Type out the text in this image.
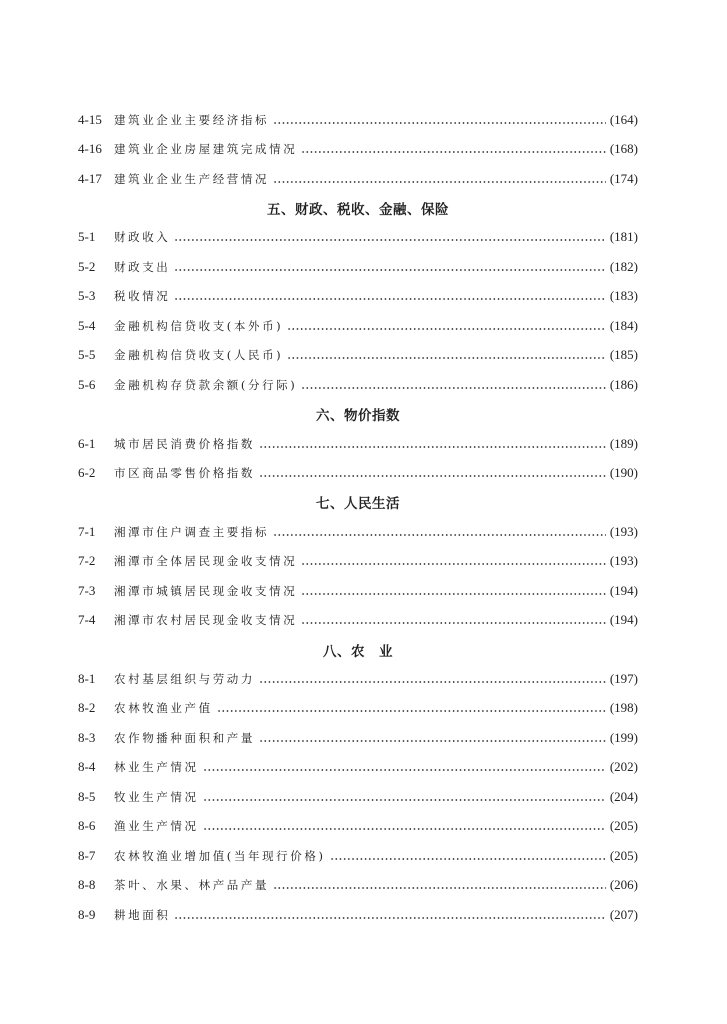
4-15	建筑业企业主要经济指标	(164)
4-16	建筑业企业房屋建筑完成情况	(168)
4-17	建筑业企业生产经营情况	(174)
五、财政、税收、金融、保险
5-1	财政收入	(181)
5-2	财政支出	(182)
5-3	税收情况	(183)
5-4	金融机构信贷收支(本外币)	(184)
5-5	金融机构信贷收支(人民币)	(185)
5-6	金融机构存贷款余额(分行际)	(186)
六、物价指数
6-1	城市居民消费价格指数	(189)
6-2	市区商品零售价格指数	(190)
七、人民生活
7-1	湘潭市住户调查主要指标	(193)
7-2	湘潭市全体居民现金收支情况	(193)
7-3	湘潭市城镇居民现金收支情况	(194)
7-4	湘潭市农村居民现金收支情况	(194)
八、农　业
8-1	农村基层组织与劳动力	(197)
8-2	农林牧渔业产值	(198)
8-3	农作物播种面积和产量	(199)
8-4	林业生产情况	(202)
8-5	牧业生产情况	(204)
8-6	渔业生产情况	(205)
8-7	农林牧渔业增加值(当年现行价格)	(205)
8-8	茶叶、水果、林产品产量	(206)
8-9	耕地面积	(207)
